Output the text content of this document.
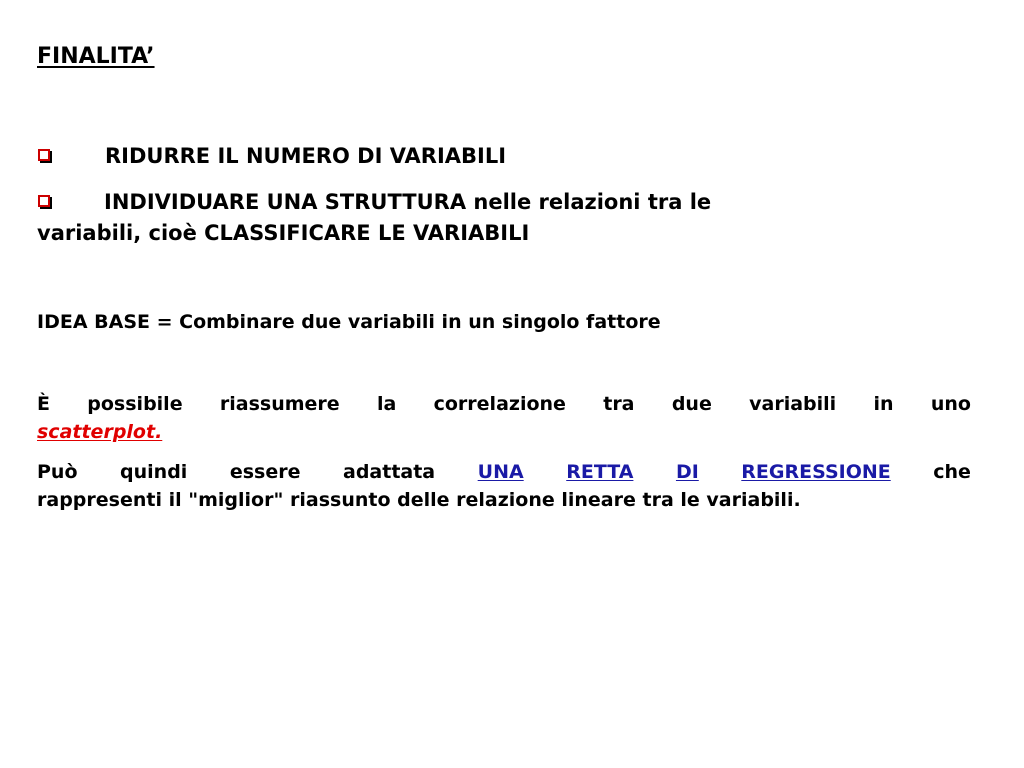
FINALITA’
RIDURRE IL NUMERO DI VARIABILI
INDIVIDUARE UNA STRUTTURA nelle relazioni tra le
variabili, cioè CLASSIFICARE LE VARIABILI
IDEA BASE = Combinare due variabili in un singolo fattore
È possibile riassumere la correlazione tra due variabili in uno
scatterplot.
Può quindi essere adattata UNA RETTA DI REGRESSIONE che
rappresenti il "miglior" riassunto delle relazione lineare tra le variabili.
